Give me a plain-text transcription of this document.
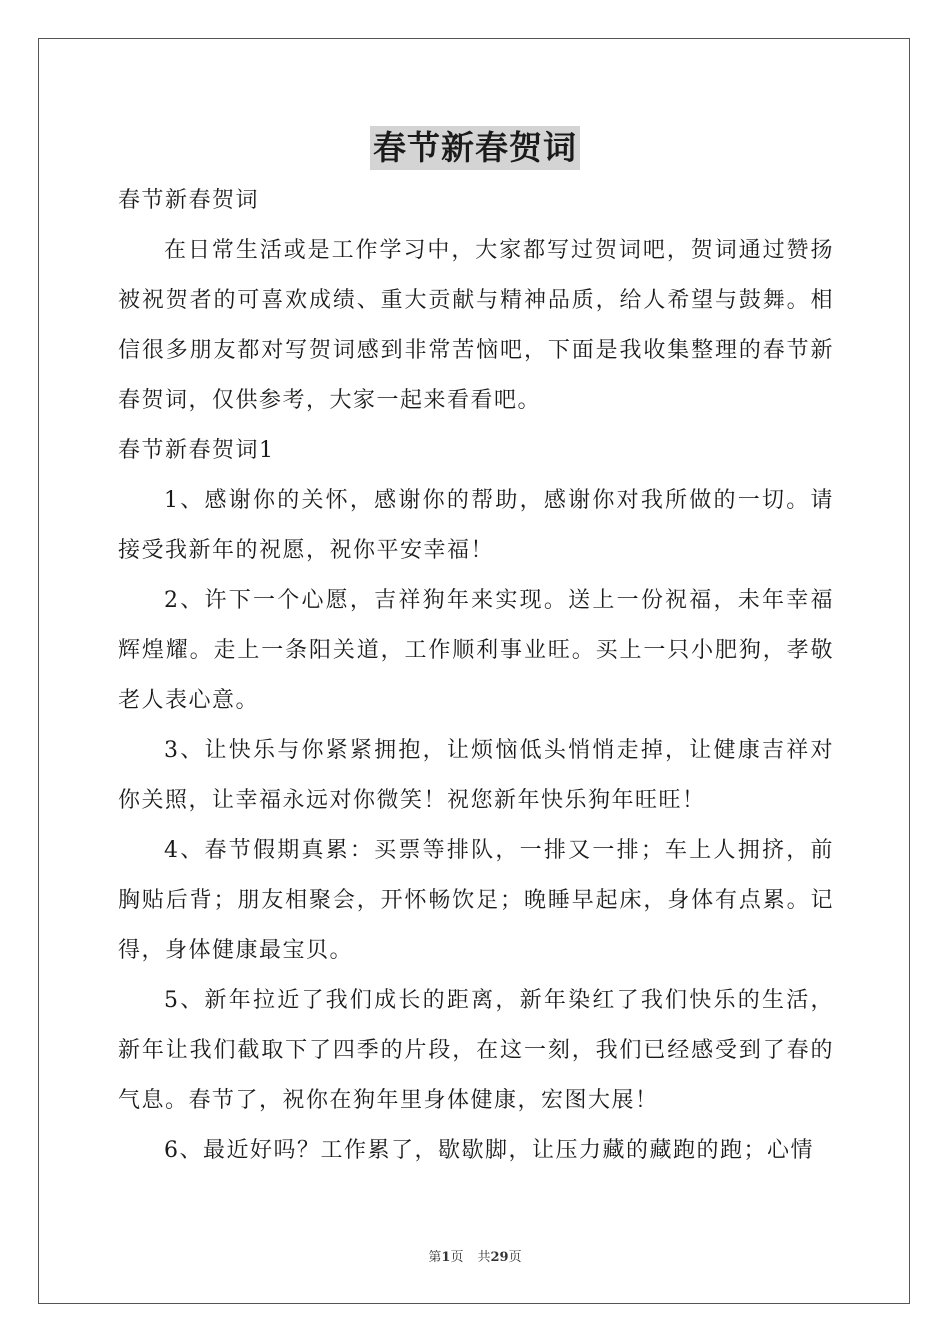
春节新春贺词

春节新春贺词

在日常生活或是工作学习中，大家都写过贺词吧，贺词通过赞扬被祝贺者的可喜欢成绩、重大贡献与精神品质，给人希望与鼓舞。相信很多朋友都对写贺词感到非常苦恼吧，下面是我收集整理的春节新春贺词，仅供参考，大家一起来看看吧。

春节新春贺词1

1、感谢你的关怀，感谢你的帮助，感谢你对我所做的一切。请接受我新年的祝愿，祝你平安幸福！

2、许下一个心愿，吉祥狗年来实现。送上一份祝福，未年幸福辉煌耀。走上一条阳关道，工作顺利事业旺。买上一只小肥狗，孝敬老人表心意。

3、让快乐与你紧紧拥抱，让烦恼低头悄悄走掉，让健康吉祥对你关照，让幸福永远对你微笑！祝您新年快乐狗年旺旺！

4、春节假期真累：买票等排队，一排又一排；车上人拥挤，前胸贴后背；朋友相聚会，开怀畅饮足；晚睡早起床，身体有点累。记得，身体健康最宝贝。

5、新年拉近了我们成长的距离，新年染红了我们快乐的生活，新年让我们截取下了四季的片段，在这一刻，我们已经感受到了春的气息。春节了，祝你在狗年里身体健康，宏图大展！

6、最近好吗？工作累了，歇歇脚，让压力藏的藏跑的跑；心情

第1页 共29页
